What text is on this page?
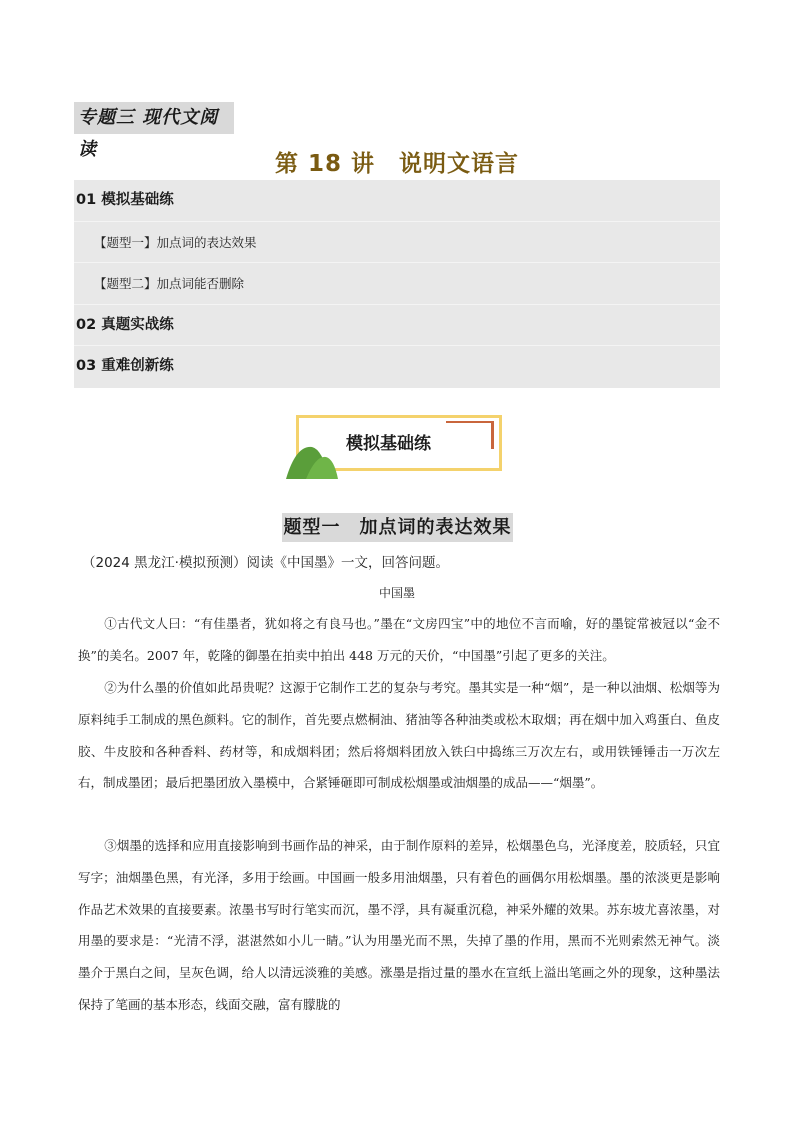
专题三 现代文阅读
第 18 讲　说明文语言
01 模拟基础练
【题型一】加点词的表达效果
【题型二】加点词能否删除
02 真题实战练
03 重难创新练
模拟基础练
题型一　加点词的表达效果
（2024 黑龙江·模拟预测）阅读《中国墨》一文，回答问题。
中国墨

①古代文人曰：“有佳墨者，犹如将之有良马也。”墨在“文房四宝”中的地位不言而喻，好的墨锭常被冠以“金不换”的美名。2007 年，乾隆的御墨在拍卖中拍出 448 万元的天价，“中国墨”引起了更多的关注。

②为什么墨的价值如此昂贵呢？这源于它制作工艺的复杂与考究。墨其实是一种“烟”，是一种以油烟、松烟等为原料纯手工制成的黑色颜料。它的制作，首先要点燃桐油、猪油等各种油类或松木取烟；再在烟中加入鸡蛋白、鱼皮胶、牛皮胶和各种香料、药材等，和成烟料团；然后将烟料团放入铁臼中捣练三万次左右，或用铁锤锤击一万次左右，制成墨团；最后把墨团放入墨模中，合紧锤砸即可制成松烟墨或油烟墨的成品——“烟墨”。

③烟墨的选择和应用直接影响到书画作品的神采，由于制作原料的差异，松烟墨色乌，光泽度差，胶质轻，只宜写字；油烟墨色黑，有光泽，多用于绘画。中国画一般多用油烟墨，只有着色的画偶尔用松烟墨。墨的浓淡更是影响作品艺术效果的直接要素。浓墨书写时行笔实而沉，墨不浮，具有凝重沉稳，神采外耀的效果。苏东坡尤喜浓墨，对用墨的要求是：“光清不浮，湛湛然如小儿一睛。”认为用墨光而不黑，失掉了墨的作用，黑而不光则索然无神气。淡墨介于黑白之间，呈灰色调，给人以清远淡雅的美感。涨墨是指过量的墨水在宣纸上溢出笔画之外的现象，这种墨法保持了笔画的基本形态，线面交融，富有朦胧的
